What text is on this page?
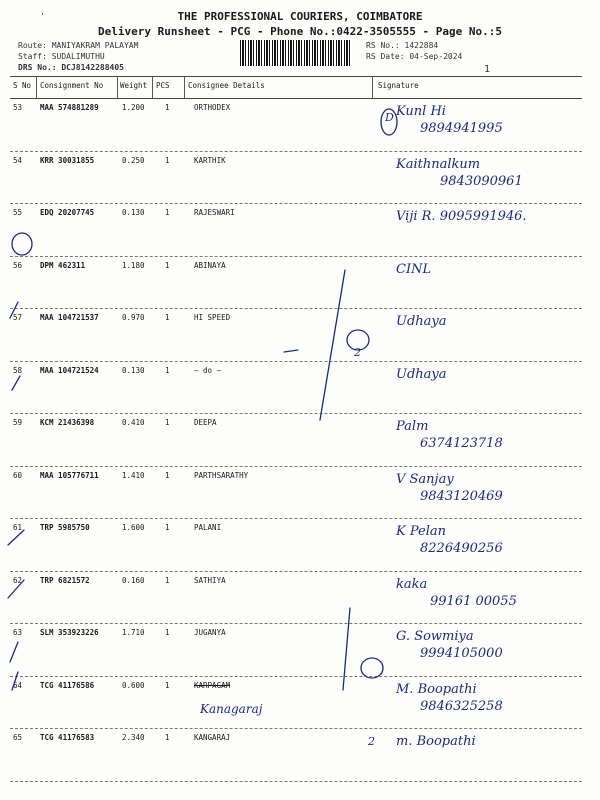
THE PROFESSIONAL COURIERS, COIMBATORE
Delivery Runsheet - PCG - Phone No.:0422-3505555 - Page No.:5
'
Route: MANIYAKRAM PALAYAM
Staff: SUDALIMUTHU
DRS No.: DCJ8142288405
RS No.: 1422884
RS Date: 04-Sep-2024
1
S No Consignment No Weight PCS Consignee Details	Signature
53 MAA 574881289	1.200	1	ORTHODEX	Kunl Hi
9894941995
D
54 KRR 30031855	0.250	1	KARTHIK	Kaithnalkum
9843090961
55 EDQ 20207745	0.130	1	RAJESWARI	Viji R. 9095991946.
56 DPM 462311	1.180	1	ABINAYA	CINL
57 MAA 104721537	0.970	1	HI SPEED	Udhaya
58 MAA 104721524	0.130	1	— do —	Udhaya
2
59 KCM 21436398	0.410	1	DEEPA	Palm
6374123718
60 MAA 105776711	1.410	1	PARTHSARATHY	V Sanjay
9843120469
61 TRP 5985750	1.600	1	PALANI	K Pelan
8226490256
62 TRP 6821572	0.160	1	SATHIYA	kaka
99161 00055
63 SLM 353923226	1.710	1	JUGANYA	G. Sowmiya
9994105000
64 TCG 41176586	0.600	1	KARPAGAM	M. Boopathi
9846325258
Kanagaraj
65 TCG 41176583	2.340	1	KANGARAJ	m. Boopathi
2
